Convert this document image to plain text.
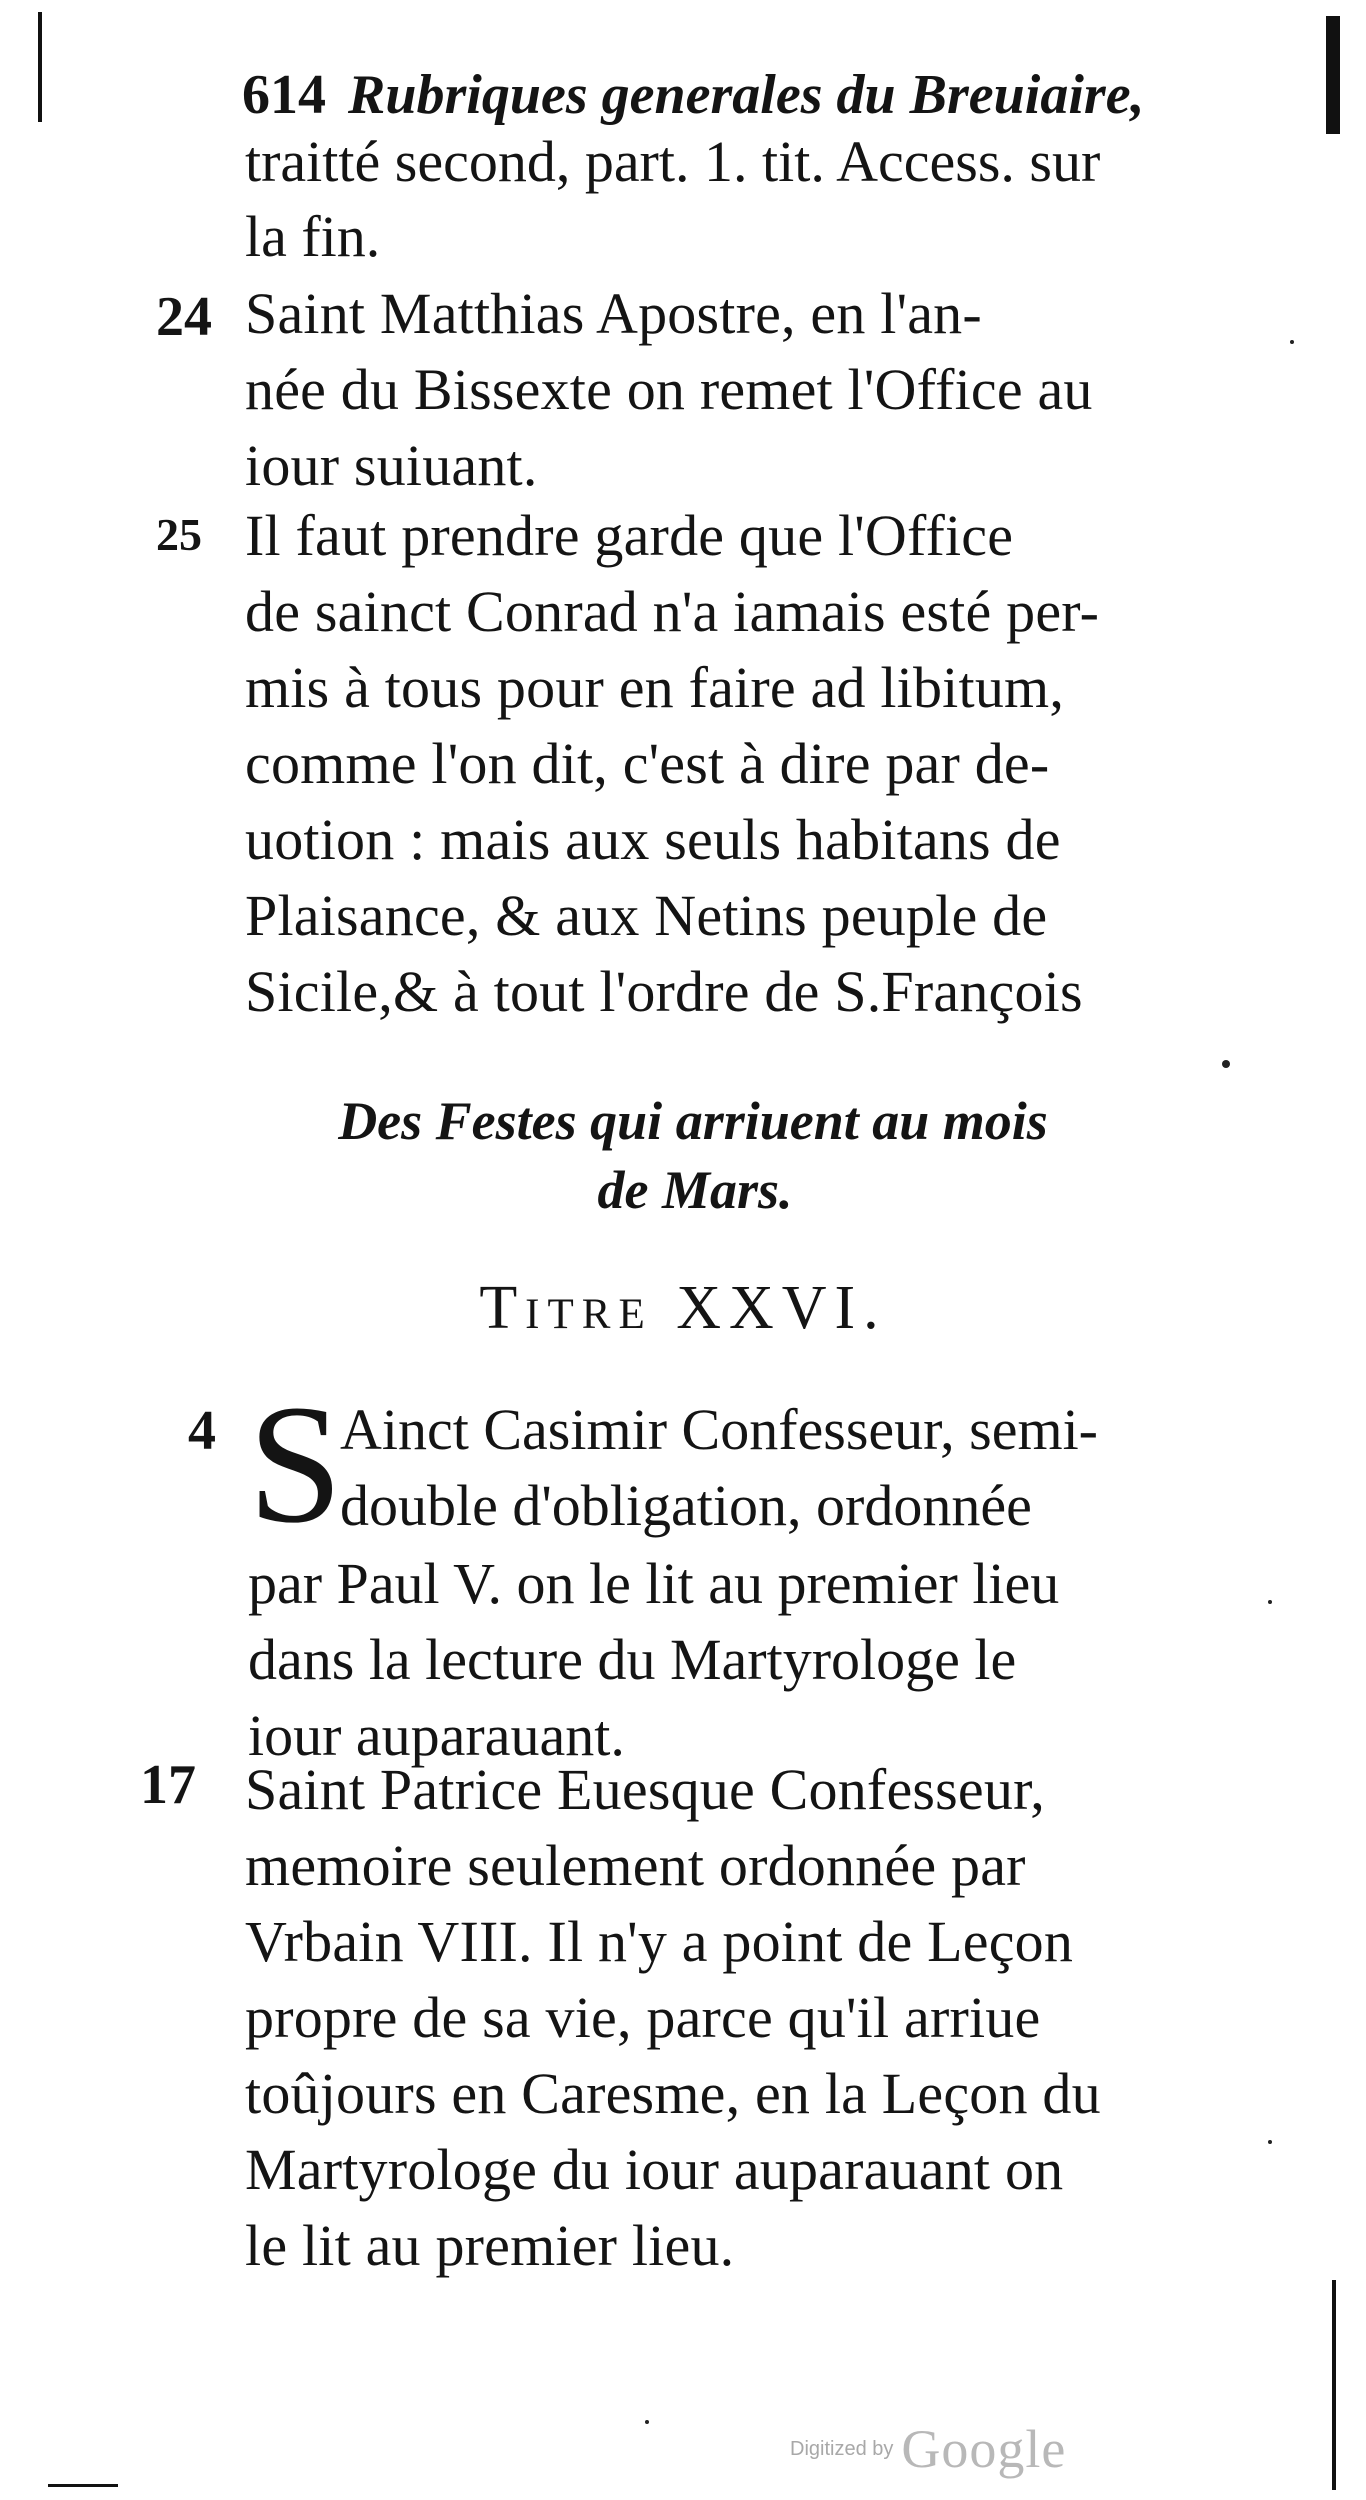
614 Rubriques generales du Breuiaire,
traitté second, part. 1. tit. Access. sur
la fin.
24 Saint Matthias Apostre, en l'an-
née du Bissexte on remet l'Office au
iour suiuant.
25 Il faut prendre garde que l'Office
de sainct Conrad n'a iamais esté per-
mis à tous pour en faire ad libitum,
comme l'on dit, c'est à dire par de-
uotion : mais aux seuls habitans de
Plaisance, & aux Netins peuple de
Sicile,& à tout l'ordre de S.François
Des Festes qui arriuent au mois
de Mars.
Titre XXVI.
4 S
Ainct Casimir Confesseur, semi-
double d'obligation, ordonnée
par Paul V. on le lit au premier lieu
dans la lecture du Martyrologe le
iour auparauant.
17 Saint Patrice Euesque Confesseur,
memoire seulement ordonnée par
Vrbain VIII. Il n'y a point de Leçon
propre de sa vie, parce qu'il arriue
toûjours en Caresme, en la Leçon du
Martyrologe du iour auparauant on
le lit au premier lieu.
Digitized by Google
